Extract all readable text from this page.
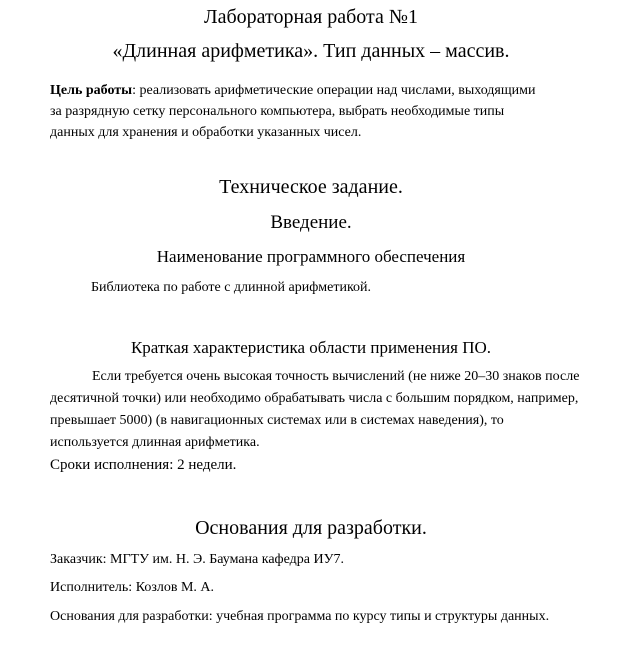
Лабораторная работа №1
«Длинная арифметика». Тип данных – массив.
Цель работы: реализовать арифметические операции над числами, выходящими за разрядную сетку персонального компьютера, выбрать необходимые типы данных для хранения и обработки указанных чисел.
Техническое задание.
Введение.
Наименование программного обеспечения
Библиотека по работе с длинной арифметикой.
Краткая характеристика области применения ПО.
Если требуется очень высокая точность вычислений (не ниже 20–30 знаков после десятичной точки) или необходимо обрабатывать числа с большим порядком, например, превышает 5000) (в навигационных системах или в системах наведения), то используется длинная арифметика.
Сроки исполнения: 2 недели.
Основания для разработки.
Заказчик: МГТУ им. Н. Э. Баумана кафедра ИУ7.
Исполнитель: Козлов М. А.
Основания для разработки: учебная программа по курсу типы и структуры данных.
